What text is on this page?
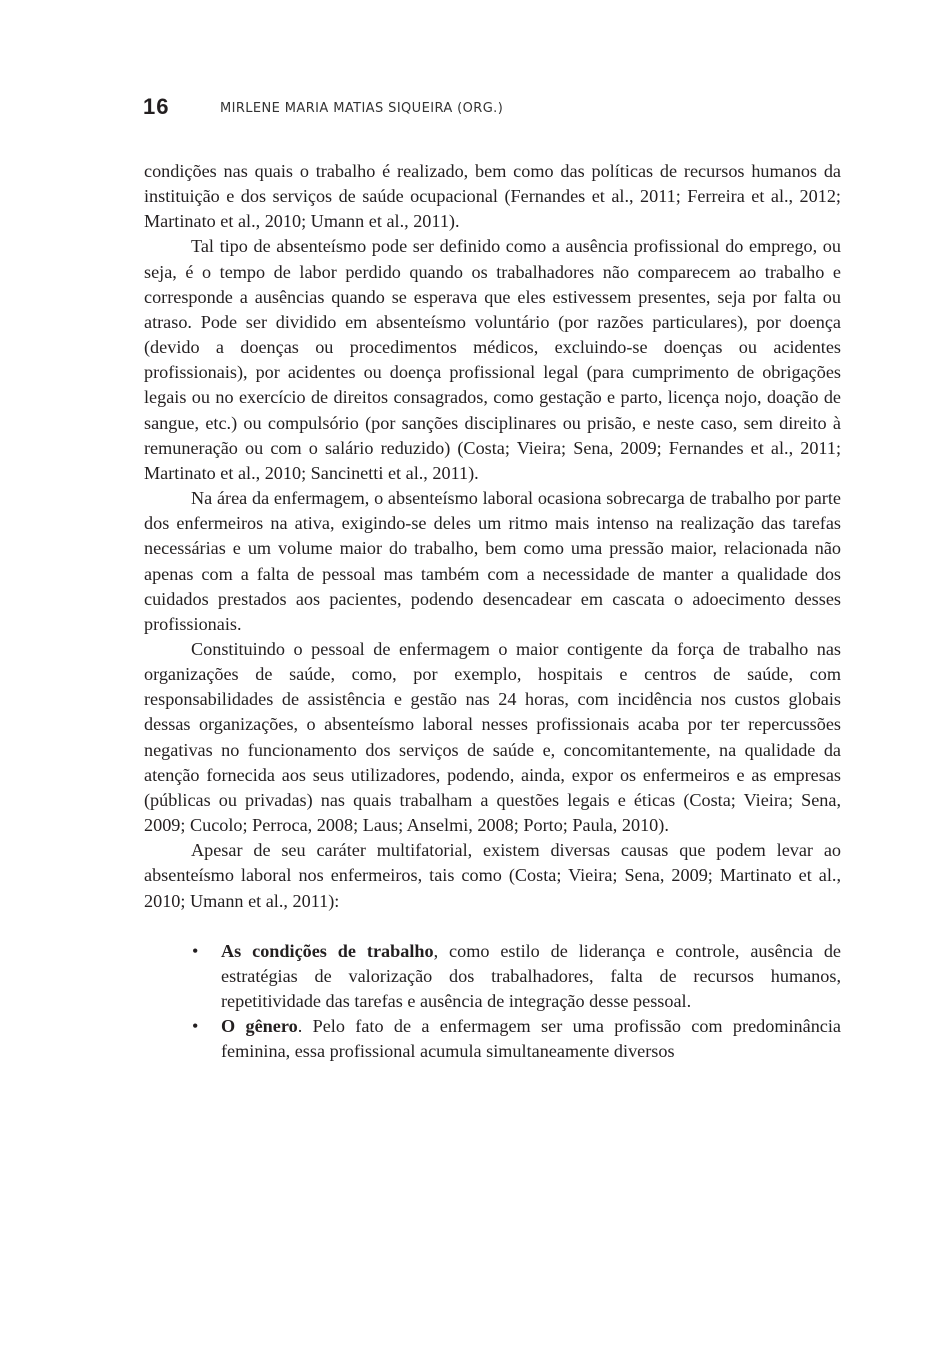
16	MIRLENE MARIA MATIAS SIQUEIRA (ORG.)

condições nas quais o trabalho é realizado, bem como das políticas de recursos humanos da instituição e dos serviços de saúde ocupacional (Fernandes et al., 2011; Ferreira et al., 2012; Martinato et al., 2010; Umann et al., 2011).

Tal tipo de absenteísmo pode ser definido como a ausência profissional do emprego, ou seja, é o tempo de labor perdido quando os trabalhadores não comparecem ao trabalho e corresponde a ausências quando se esperava que eles estivessem presentes, seja por falta ou atraso. Pode ser dividido em absenteísmo voluntário (por razões particulares), por doença (devido a doenças ou procedimentos médicos, excluindo-se doenças ou acidentes profissionais), por acidentes ou doença profissional legal (para cumprimento de obrigações legais ou no exercício de direitos consagrados, como gestação e parto, licença nojo, doação de sangue, etc.) ou compulsório (por sanções disciplinares ou prisão, e neste caso, sem direito à remuneração ou com o salário reduzido) (Costa; Vieira; Sena, 2009; Fernandes et al., 2011; Martinato et al., 2010; Sancinetti et al., 2011).

Na área da enfermagem, o absenteísmo laboral ocasiona sobrecarga de trabalho por parte dos enfermeiros na ativa, exigindo-se deles um ritmo mais intenso na realização das tarefas necessárias e um volume maior do trabalho, bem como uma pressão maior, relacionada não apenas com a falta de pessoal mas também com a necessidade de manter a qualidade dos cuidados prestados aos pacientes, podendo desencadear em cascata o adoecimento desses profissionais.

Constituindo o pessoal de enfermagem o maior contigente da força de trabalho nas organizações de saúde, como, por exemplo, hospitais e centros de saúde, com responsabilidades de assistência e gestão nas 24 horas, com incidência nos custos globais dessas organizações, o absenteísmo laboral nesses profissionais acaba por ter repercussões negativas no funcionamento dos serviços de saúde e, concomitantemente, na qualidade da atenção fornecida aos seus utilizadores, podendo, ainda, expor os enfermeiros e as empresas (públicas ou privadas) nas quais trabalham a questões legais e éticas (Costa; Vieira; Sena, 2009; Cucolo; Perroca, 2008; Laus; Anselmi, 2008; Porto; Paula, 2010).

Apesar de seu caráter multifatorial, existem diversas causas que podem levar ao absenteísmo laboral nos enfermeiros, tais como (Costa; Vieira; Sena, 2009; Martinato et al., 2010; Umann et al., 2011):

• As condições de trabalho, como estilo de liderança e controle, ausência de estratégias de valorização dos trabalhadores, falta de recursos humanos, repetitividade das tarefas e ausência de integração desse pessoal.
• O gênero. Pelo fato de a enfermagem ser uma profissão com predominância feminina, essa profissional acumula simultaneamente diversos
